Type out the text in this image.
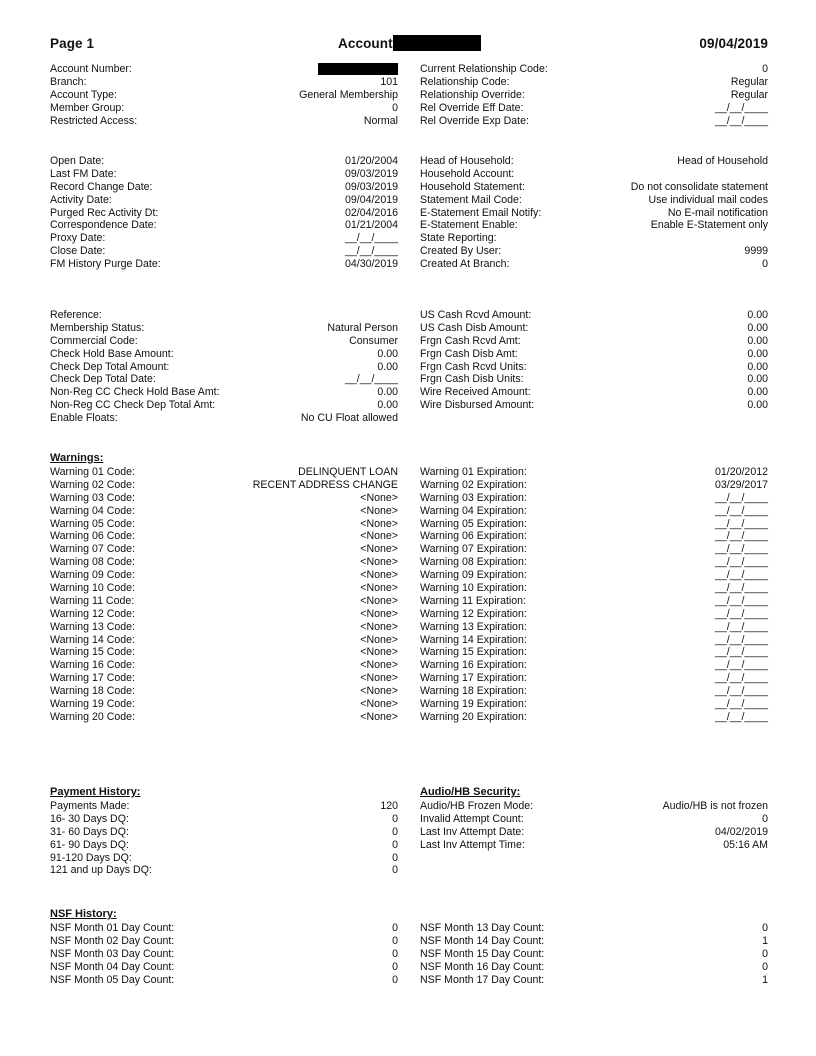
Page 1	Account	09/04/2019
Account Number:
Branch:	101
Account Type:	General Membership
Member Group:	0
Restricted Access:	Normal
Current Relationship Code:	0
Relationship Code:	Regular
Relationship Override:	Regular
Rel Override Eff Date:	__/__/____
Rel Override Exp Date:	__/__/____
Open Date:	01/20/2004
Last FM Date:	09/03/2019
Record Change Date:	09/03/2019
Activity Date:	09/04/2019
Purged Rec Activity Dt:	02/04/2016
Correspondence Date:	01/21/2004
Proxy Date:	__/__/____
Close Date:	__/__/____
FM History Purge Date:	04/30/2019
Head of Household:	Head of Household
Household Account:
Household Statement:	Do not consolidate statement
Statement Mail Code:	Use individual mail codes
E-Statement Email Notify:	No E-mail notification
E-Statement Enable:	Enable E-Statement only
State Reporting:
Created By User:	9999
Created At Branch:	0
Reference:
Membership Status:	Natural Person
Commercial Code:	Consumer
Check Hold Base Amount:	0.00
Check Dep Total Amount:	0.00
Check Dep Total Date:	__/__/____
Non-Reg CC Check Hold Base Amt:	0.00
Non-Reg CC Check Dep Total Amt:	0.00
Enable Floats:	No CU Float allowed
US Cash Rcvd Amount:	0.00
US Cash Disb Amount:	0.00
Frgn Cash Rcvd Amt:	0.00
Frgn Cash Disb Amt:	0.00
Frgn Cash Rcvd Units:	0.00
Frgn Cash Disb Units:	0.00
Wire Received Amount:	0.00
Wire Disbursed Amount:	0.00
Warnings:
Warning 01 Code:	DELINQUENT LOAN
Warning 02 Code:	RECENT ADDRESS CHANGE
Warning 03 Code:	<None>
Warning 04 Code:	<None>
Warning 05 Code:	<None>
Warning 06 Code:	<None>
Warning 07 Code:	<None>
Warning 08 Code:	<None>
Warning 09 Code:	<None>
Warning 10 Code:	<None>
Warning 11 Code:	<None>
Warning 12 Code:	<None>
Warning 13 Code:	<None>
Warning 14 Code:	<None>
Warning 15 Code:	<None>
Warning 16 Code:	<None>
Warning 17 Code:	<None>
Warning 18 Code:	<None>
Warning 19 Code:	<None>
Warning 20 Code:	<None>
Warning 01 Expiration:	01/20/2012
Warning 02 Expiration:	03/29/2017
Warning 03 Expiration:	__/__/____
Warning 04 Expiration:	__/__/____
Warning 05 Expiration:	__/__/____
Warning 06 Expiration:	__/__/____
Warning 07 Expiration:	__/__/____
Warning 08 Expiration:	__/__/____
Warning 09 Expiration:	__/__/____
Warning 10 Expiration:	__/__/____
Warning 11 Expiration:	__/__/____
Warning 12 Expiration:	__/__/____
Warning 13 Expiration:	__/__/____
Warning 14 Expiration:	__/__/____
Warning 15 Expiration:	__/__/____
Warning 16 Expiration:	__/__/____
Warning 17 Expiration:	__/__/____
Warning 18 Expiration:	__/__/____
Warning 19 Expiration:	__/__/____
Warning 20 Expiration:	__/__/____
Payment History:
Payments Made:	120
16- 30 Days DQ:	0
31- 60 Days DQ:	0
61- 90 Days DQ:	0
91-120 Days DQ:	0
121 and up Days DQ:	0
Audio/HB Security:
Audio/HB Frozen Mode:	Audio/HB is not frozen
Invalid Attempt Count:	0
Last Inv Attempt Date:	04/02/2019
Last Inv Attempt Time:	05:16 AM
NSF History:
NSF Month 01 Day Count:	0
NSF Month 02 Day Count:	0
NSF Month 03 Day Count:	0
NSF Month 04 Day Count:	0
NSF Month 05 Day Count:	0
NSF Month 13 Day Count:	0
NSF Month 14 Day Count:	1
NSF Month 15 Day Count:	0
NSF Month 16 Day Count:	0
NSF Month 17 Day Count:	1
